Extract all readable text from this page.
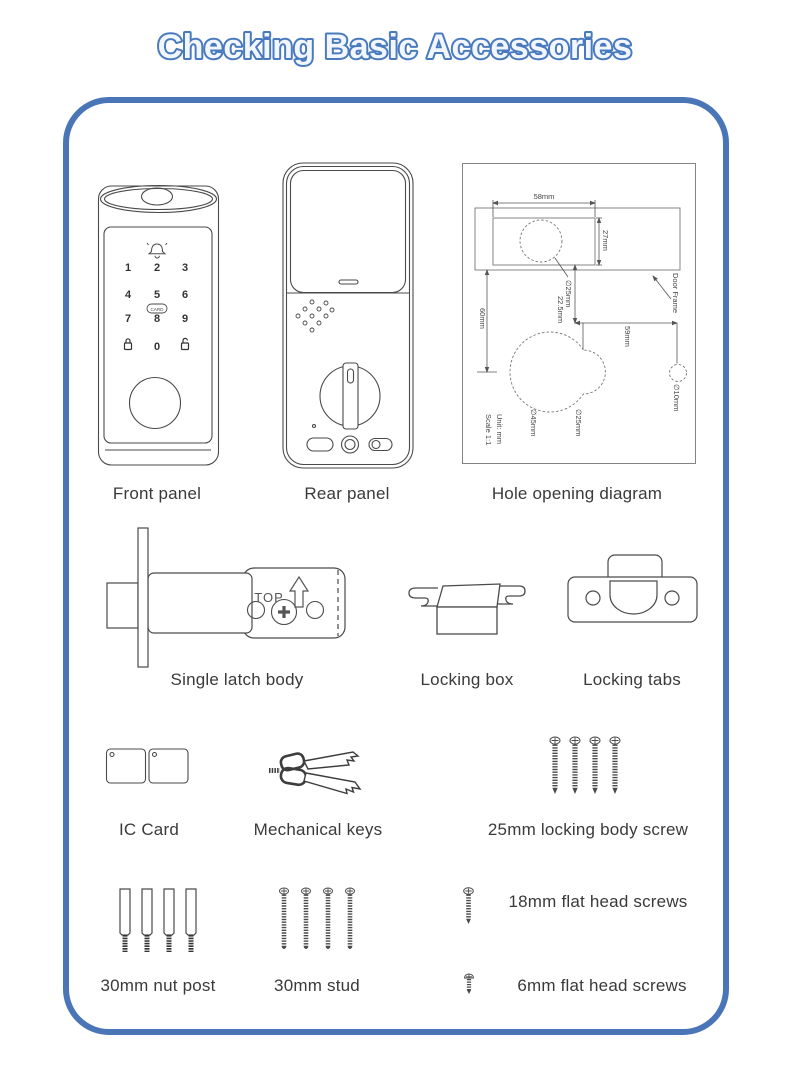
Checking Basic Accessories
1 2 3
4 5 6
7 8 9
0
CARD
Front panel	Rear panel
58mm
27mm
∅25mm
22.5mm
60mm
59mm
∅45mm	∅25mm
∅10mm
Door Frame
Scale 1:1 Unit: mm
Hole opening diagram
TOP
Single latch body	Locking box	Locking tabs
IC Card	Mechanical keys	25mm locking body screw
30mm nut post	30mm stud
18mm flat head screws
6mm flat head screws
